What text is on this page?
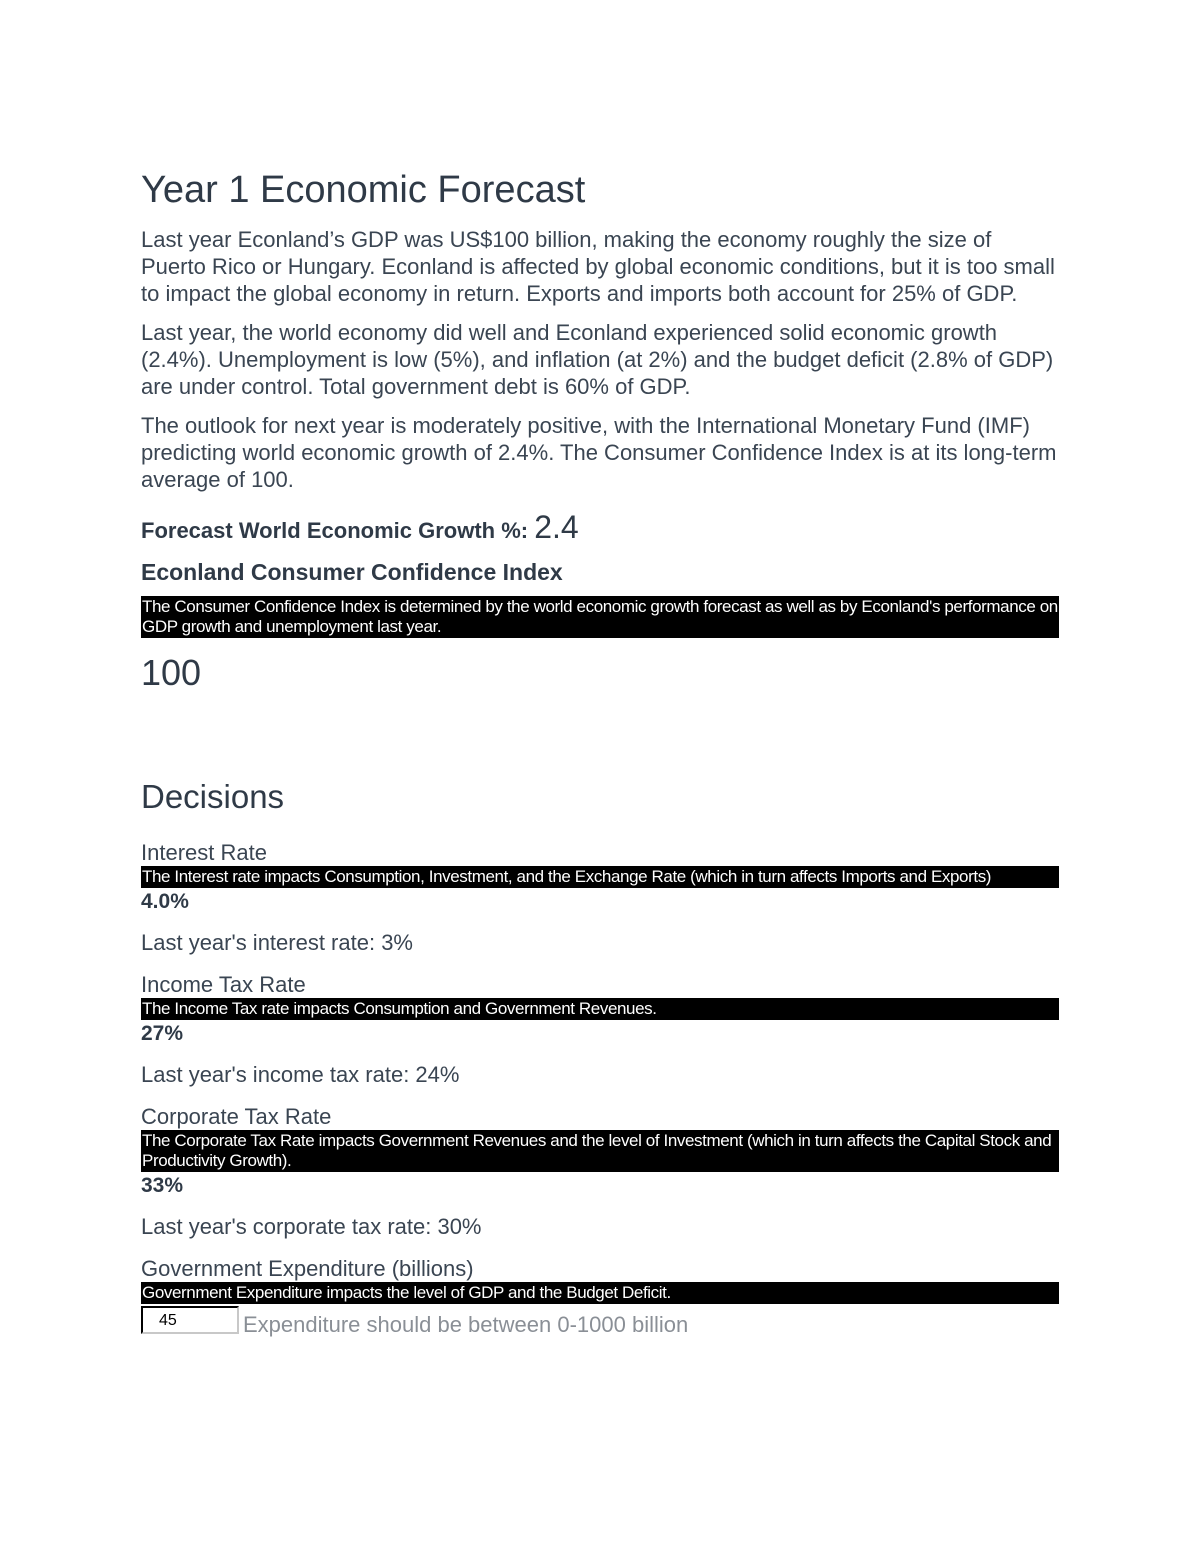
Year 1 Economic Forecast

Last year Econland’s GDP was US$100 billion, making the economy roughly the size of Puerto Rico or Hungary. Econland is affected by global economic conditions, but it is too small to impact the global economy in return. Exports and imports both account for 25% of GDP.

Last year, the world economy did well and Econland experienced solid economic growth (2.4%). Unemployment is low (5%), and inflation (at 2%) and the budget deficit (2.8% of GDP) are under control. Total government debt is 60% of GDP.

The outlook for next year is moderately positive, with the International Monetary Fund (IMF) predicting world economic growth of 2.4%. The Consumer Confidence Index is at its long-term average of 100.

Forecast World Economic Growth %: 2.4
Econland Consumer Confidence Index
The Consumer Confidence Index is determined by the world economic growth forecast as well as by Econland's performance on GDP growth and unemployment last year.
100
Decisions
Interest Rate
The Interest rate impacts Consumption, Investment, and the Exchange Rate (which in turn affects Imports and Exports)
4.0%
Last year's interest rate: 3%
Income Tax Rate
The Income Tax rate impacts Consumption and Government Revenues.
27%
Last year's income tax rate: 24%
Corporate Tax Rate
The Corporate Tax Rate impacts Government Revenues and the level of Investment (which in turn affects the Capital Stock and Productivity Growth).
33%
Last year's corporate tax rate: 30%
Government Expenditure (billions)
Government Expenditure impacts the level of GDP and the Budget Deficit.
45
Expenditure should be between 0-1000 billion
